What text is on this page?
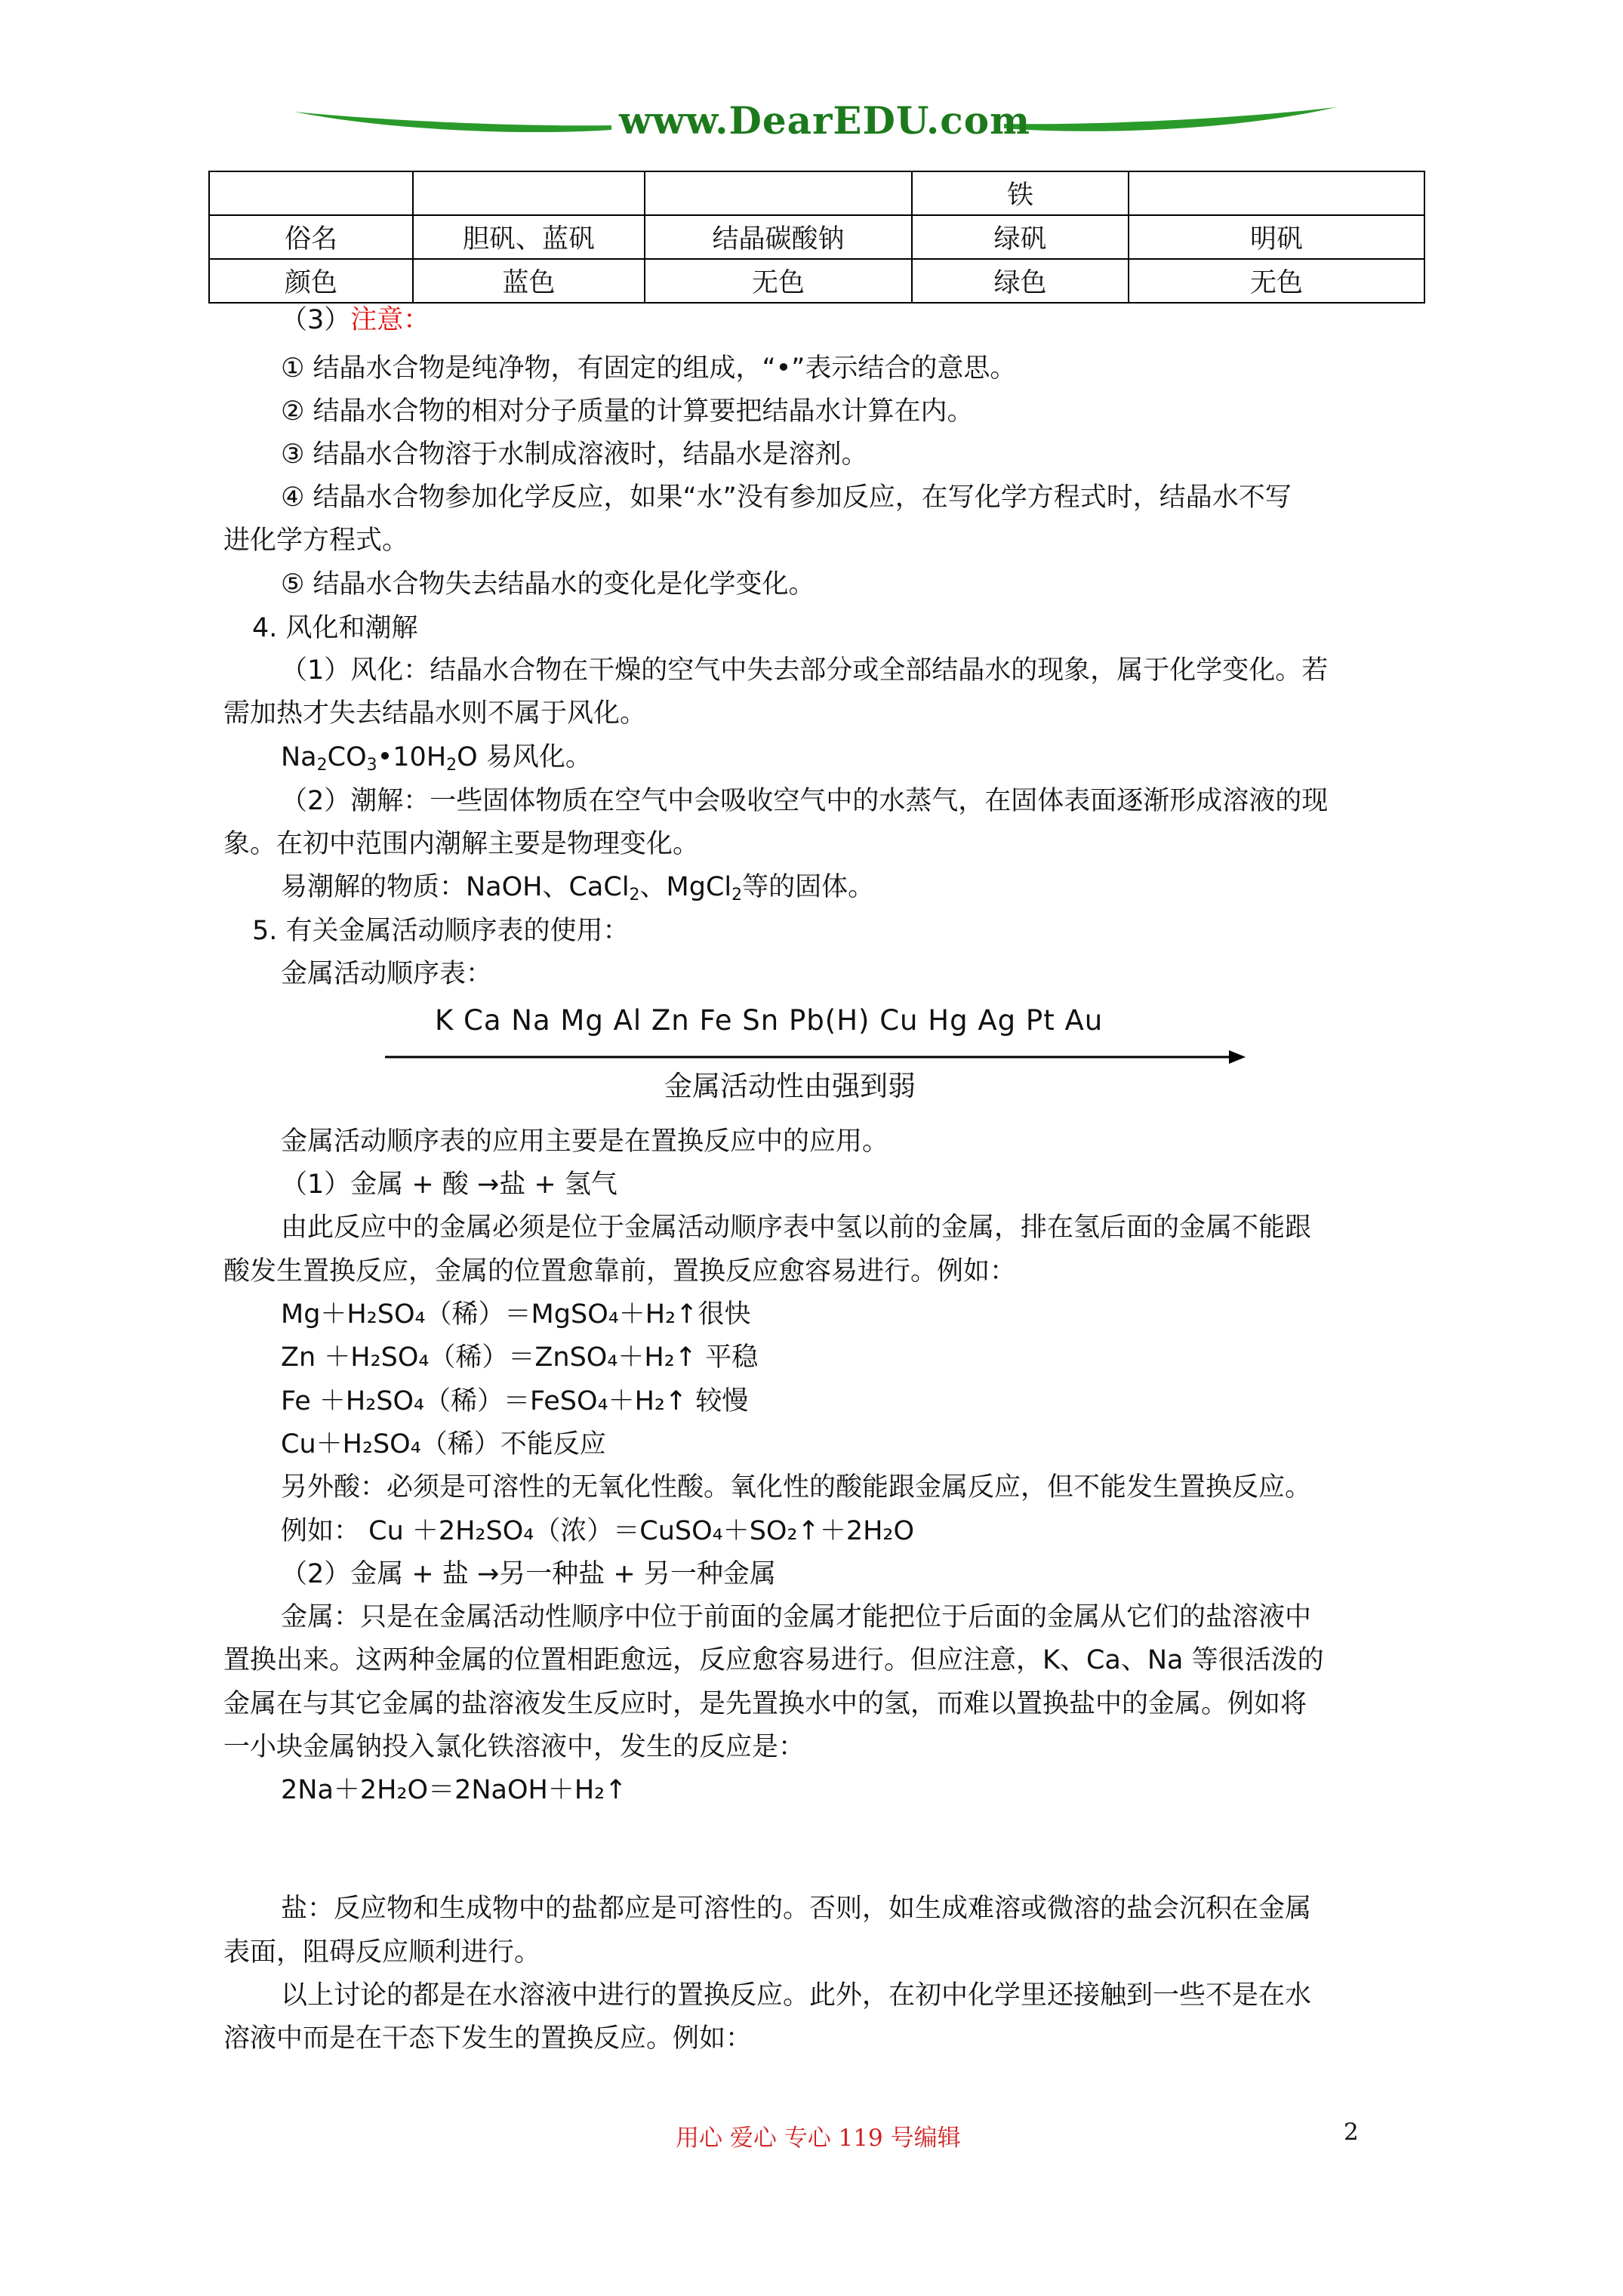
www.DearEDU.com
			铁	
俗名	胆矾、蓝矾	结晶碳酸钠	绿矾	明矾
颜色	蓝色	无色	绿色	无色
（3）注意：
① 结晶水合物是纯净物，有固定的组成，“•”表示结合的意思。
② 结晶水合物的相对分子质量的计算要把结晶水计算在内。
③ 结晶水合物溶于水制成溶液时，结晶水是溶剂。
④ 结晶水合物参加化学反应，如果“水”没有参加反应，在写化学方程式时，结晶水不写
进化学方程式。
⑤ 结晶水合物失去结晶水的变化是化学变化。
4. 风化和潮解
（1）风化：结晶水合物在干燥的空气中失去部分或全部结晶水的现象，属于化学变化。若
需加热才失去结晶水则不属于风化。
$Na_2CO_3•10H_2O$ 易风化。
（2）潮解：一些固体物质在空气中会吸收空气中的水蒸气，在固体表面逐渐形成溶液的现
象。在初中范围内潮解主要是物理变化。
易潮解的物质：NaOH、CaCl$_2$、MgCl$_2$等的固体。
5. 有关金属活动顺序表的使用：
金属活动顺序表：
K Ca Na Mg Al Zn Fe Sn Pb(H) Cu Hg Ag Pt Au
金属活动性由强到弱
金属活动顺序表的应用主要是在置换反应中的应用。
（1）金属 + 酸 →盐 + 氢气
由此反应中的金属必须是位于金属活动顺序表中氢以前的金属，排在氢后面的金属不能跟
酸发生置换反应，金属的位置愈靠前，置换反应愈容易进行。例如：
Mg＋H₂SO₄（稀）＝MgSO₄＋H₂↑很快
Zn ＋H₂SO₄（稀）＝ZnSO₄＋H₂↑ 平稳
Fe ＋H₂SO₄（稀）＝FeSO₄＋H₂↑ 较慢
Cu＋H₂SO₄（稀）不能反应
另外酸：必须是可溶性的无氧化性酸。氧化性的酸能跟金属反应，但不能发生置换反应。
例如： Cu ＋2H₂SO₄（浓）＝CuSO₄＋SO₂↑＋2H₂O
（2）金属 + 盐 →另一种盐 + 另一种金属
金属：只是在金属活动性顺序中位于前面的金属才能把位于后面的金属从它们的盐溶液中
置换出来。这两种金属的位置相距愈远，反应愈容易进行。但应注意，K、Ca、Na 等很活泼的
金属在与其它金属的盐溶液发生反应时，是先置换水中的氢，而难以置换盐中的金属。例如将
一小块金属钠投入氯化铁溶液中，发生的反应是：
2Na＋2H₂O＝2NaOH＋H₂↑
盐：反应物和生成物中的盐都应是可溶性的。否则，如生成难溶或微溶的盐会沉积在金属
表面，阻碍反应顺利进行。
以上讨论的都是在水溶液中进行的置换反应。此外，在初中化学里还接触到一些不是在水
溶液中而是在干态下发生的置换反应。例如：
用心 爱心 专心 119 号编辑	2
